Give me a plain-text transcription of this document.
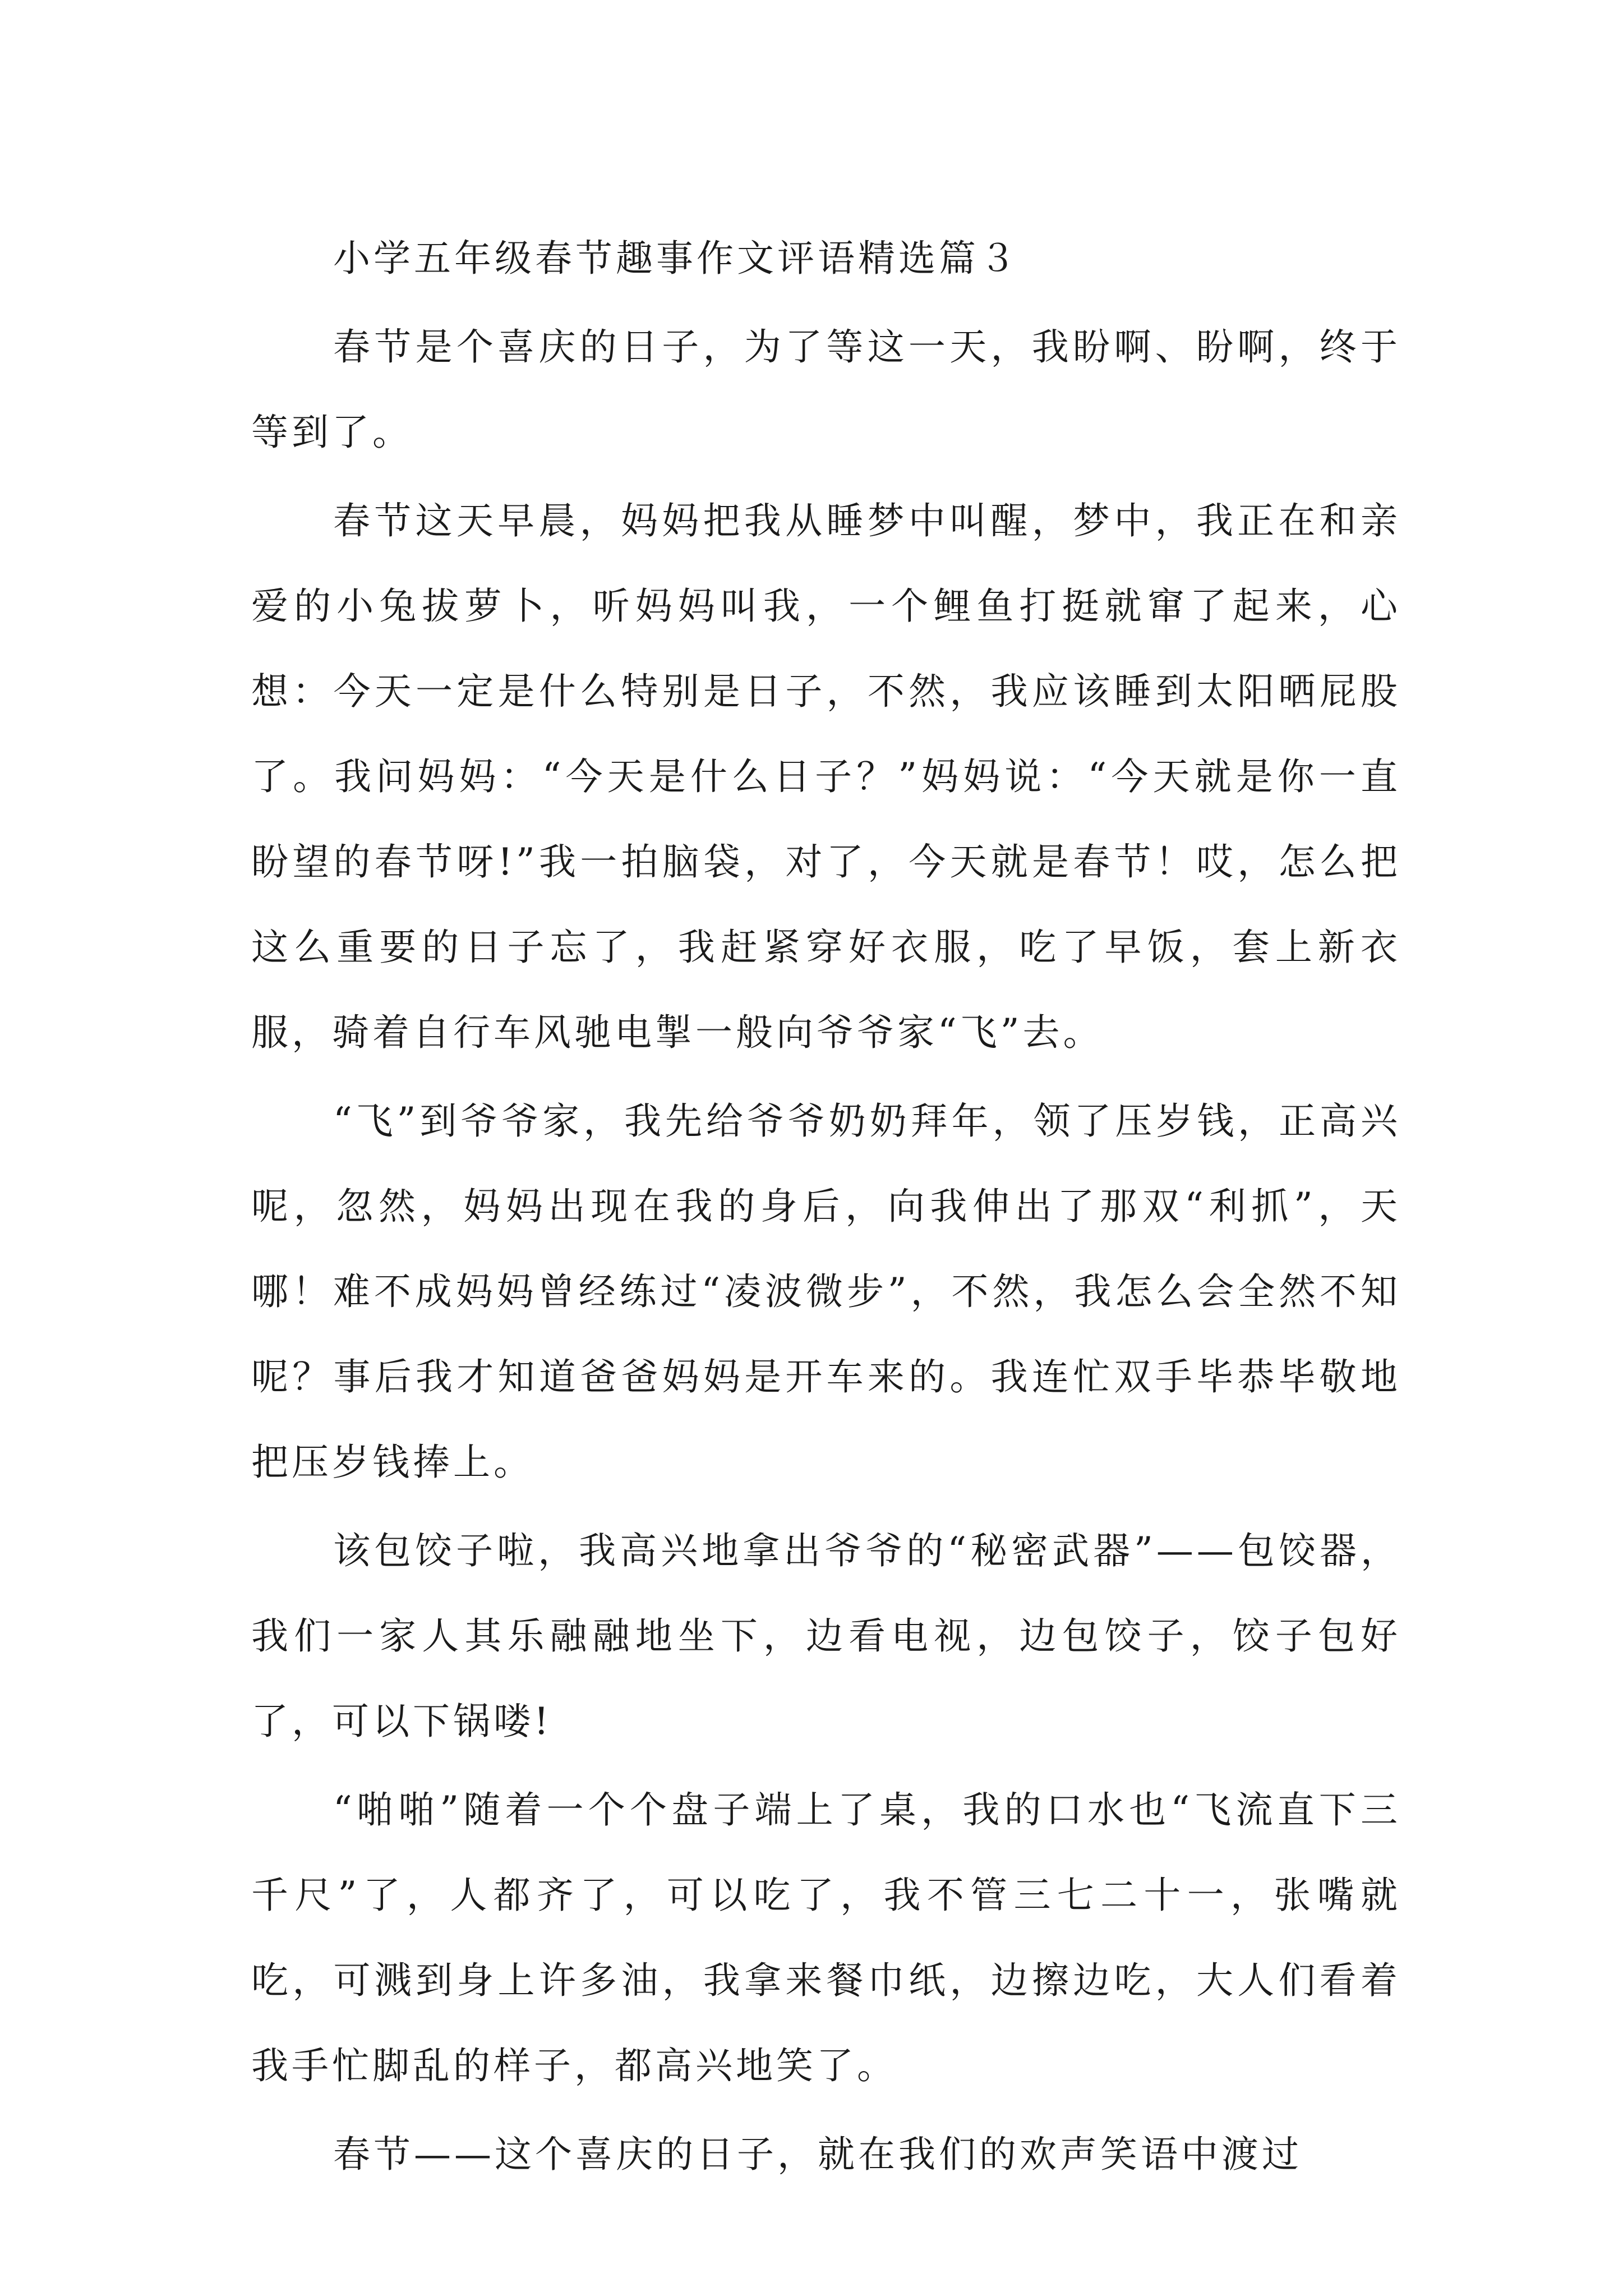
小学五年级春节趣事作文评语精选篇３

春节是个喜庆的日子，为了等这一天，我盼啊、盼啊，终于等到了。

春节这天早晨，妈妈把我从睡梦中叫醒，梦中，我正在和亲爱的小兔拔萝卜，听妈妈叫我，一个鲤鱼打挺就窜了起来，心想：今天一定是什么特别是日子，不然，我应该睡到太阳晒屁股了。我问妈妈：“今天是什么日子？”妈妈说：“今天就是你一直盼望的春节呀!”我一拍脑袋，对了，今天就是春节！哎，怎么把这么重要的日子忘了，我赶紧穿好衣服，吃了早饭，套上新衣服，骑着自行车风驰电掣一般向爷爷家“飞”去。

“飞”到爷爷家，我先给爷爷奶奶拜年，领了压岁钱，正高兴呢，忽然，妈妈出现在我的身后，向我伸出了那双“利抓”，天哪！难不成妈妈曾经练过“凌波微步”，不然，我怎么会全然不知呢？事后我才知道爸爸妈妈是开车来的。我连忙双手毕恭毕敬地把压岁钱捧上。

该包饺子啦，我高兴地拿出爷爷的“秘密武器”——包饺器，我们一家人其乐融融地坐下，边看电视，边包饺子，饺子包好了，可以下锅喽!

“啪啪”随着一个个盘子端上了桌，我的口水也“飞流直下三千尺”了，人都齐了，可以吃了，我不管三七二十一，张嘴就吃，可溅到身上许多油，我拿来餐巾纸，边擦边吃，大人们看着我手忙脚乱的样子，都高兴地笑了。

春节——这个喜庆的日子，就在我们的欢声笑语中渡过
